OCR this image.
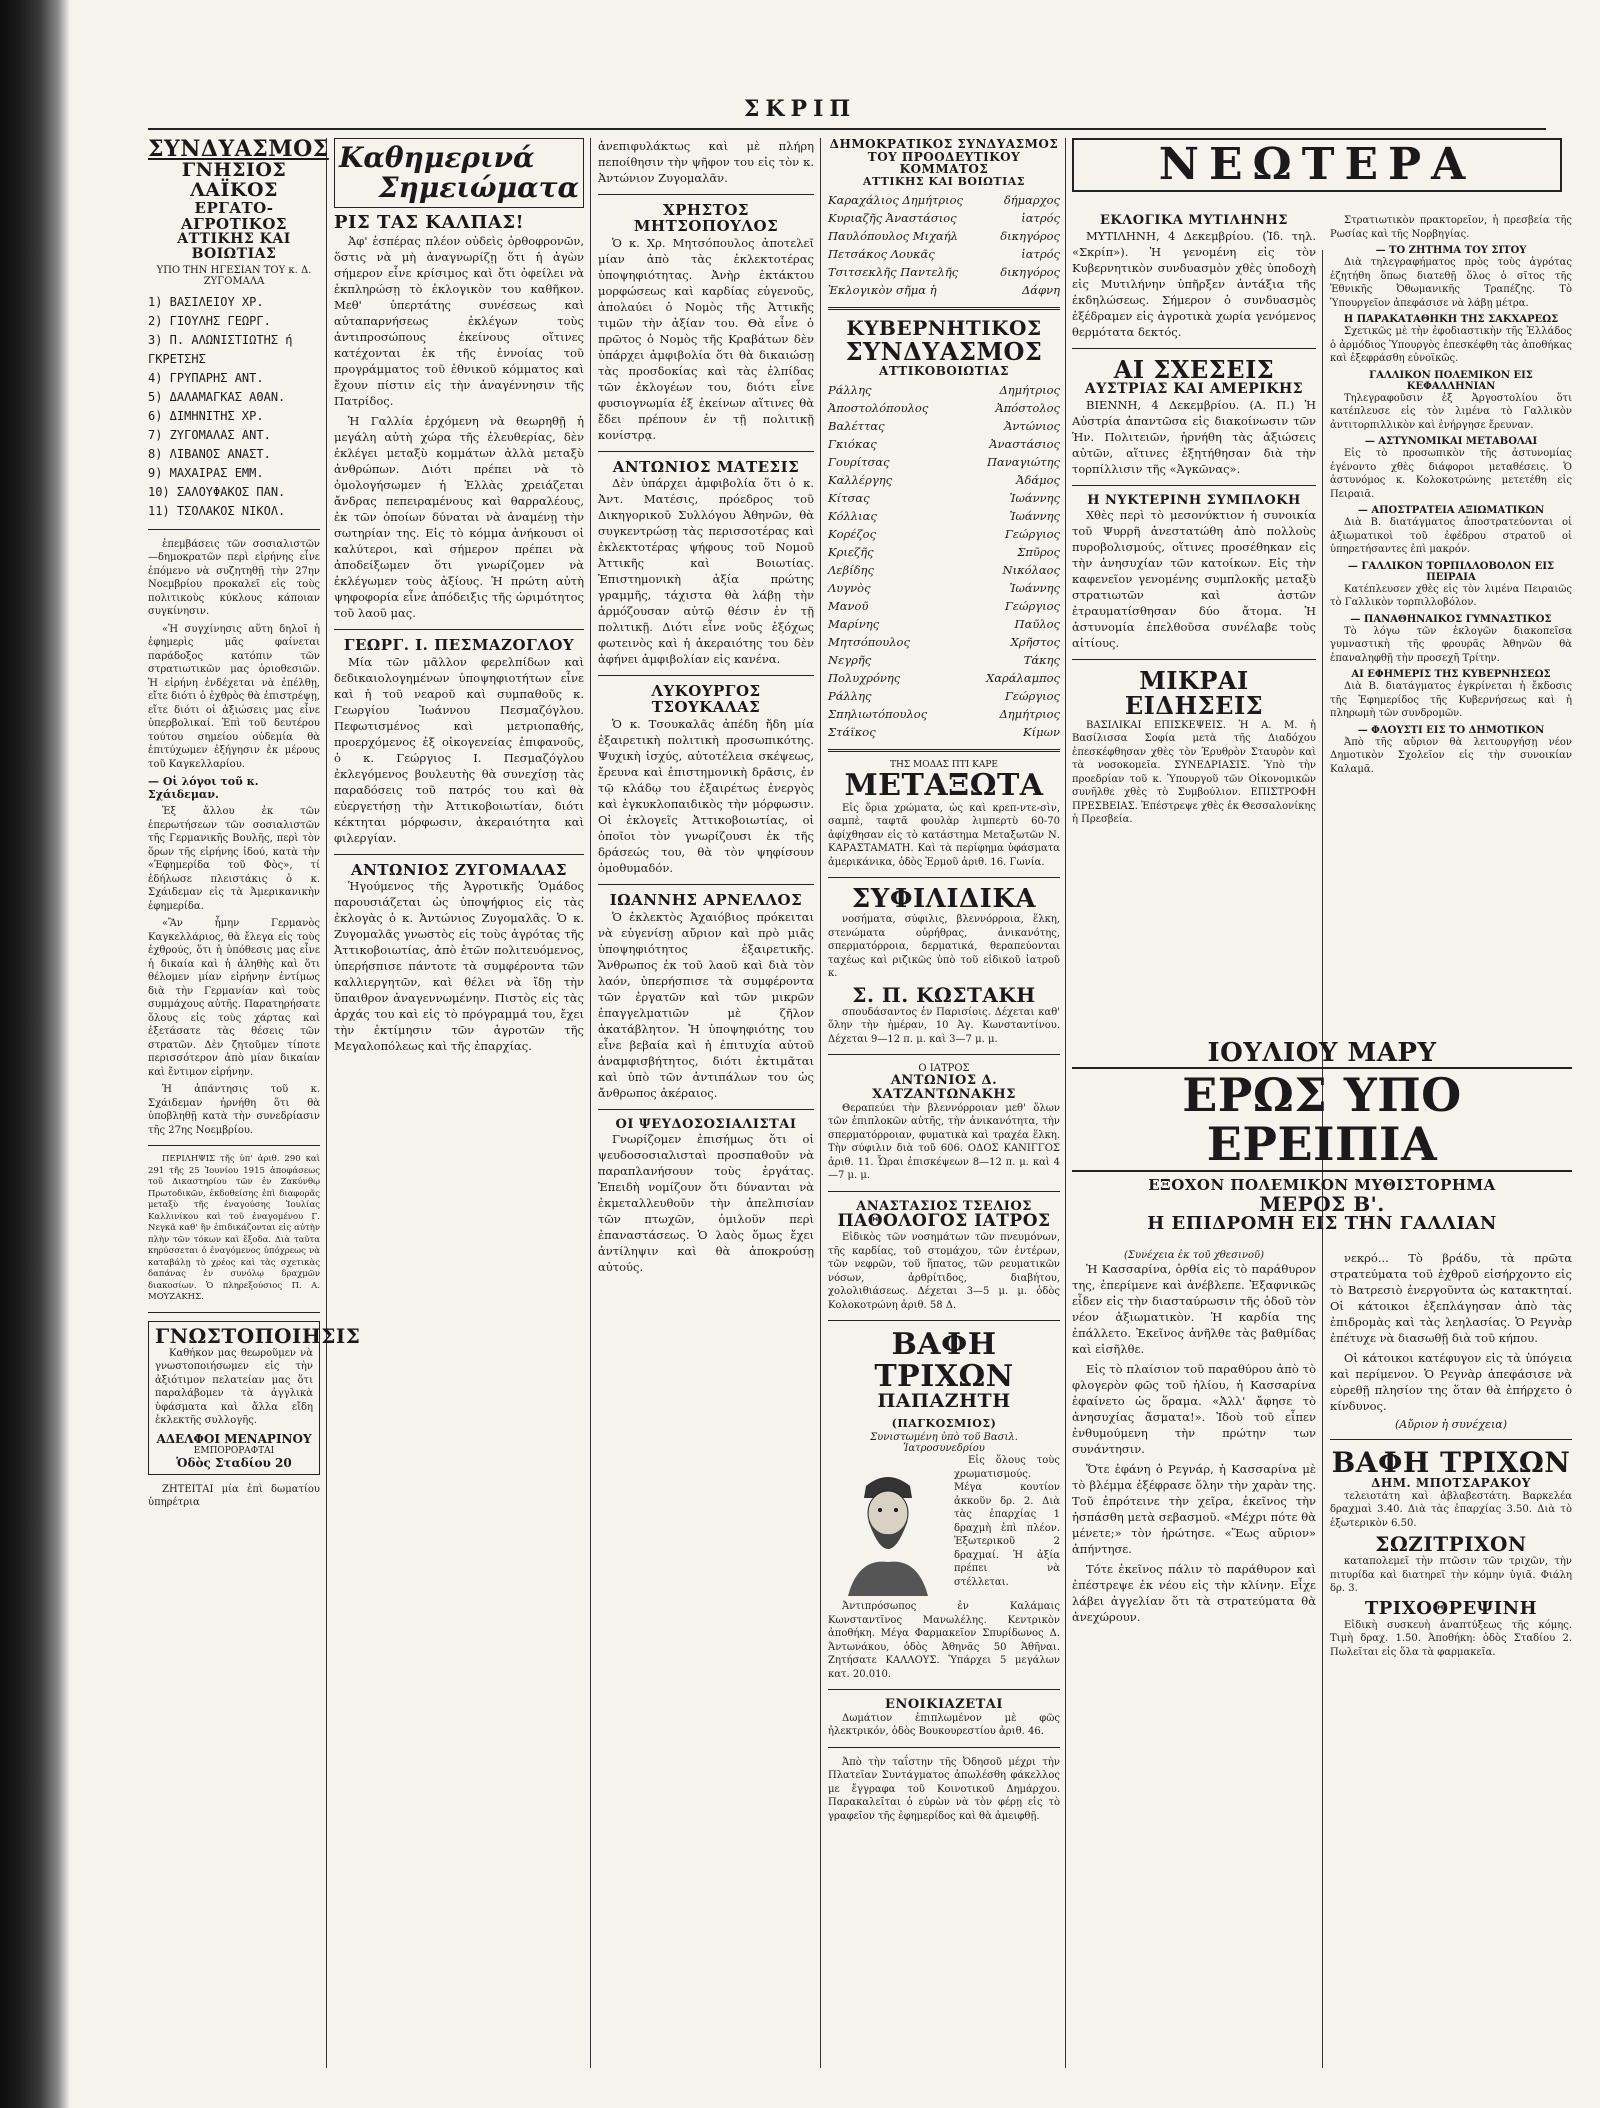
ΣΚΡΙΠ
ΣΥΝΔΥΑΣΜΟΣ
ΓΝΗΣΙΟΣ ΛΑΪΚΟΣ
ΕΡΓΑΤΟ-ΑΓΡΟΤΙΚΟΣ
ΑΤΤΙΚΗΣ ΚΑΙ ΒΟΙΩΤΙΑΣ
ΥΠΟ ΤΗΝ ΗΓΕΣΙΑΝ ΤΟΥ κ. Δ. ΖΥΓΟΜΑΛΑ
1) ΒΑΣΙΛΕΙΟΥ ΧΡ.
2) ΓΙΟΥΛΗΣ ΓΕΩΡΓ.
3) Π. ΑΛΩΝΙΣΤΙΩΤΗΣ ή ΓΚΡΕΤΣΗΣ
4) ΓΡΥΠΑΡΗΣ ΑΝΤ.
5) ΔΑΛΑΜΑΓΚΑΣ ΑΘΑΝ.
6) ΔΙΜΗΝΙΤΗΣ ΧΡ.
7) ΖΥΓΟΜΑΛΑΣ ΑΝΤ.
8) ΛΙΒΑΝΟΣ ΑΝΑΣΤ.
9) ΜΑΧΑΙΡΑΣ ΕΜΜ.
10) ΣΑΛΟΥΦΑΚΟΣ ΠΑΝ.
11) ΤΣΟΛΑΚΟΣ ΝΙΚΟΛ.
ἐπεμβάσεις τῶν σοσιαλιστῶν—δημοκρατῶν περὶ εἰρήνης εἶνε ἐπόμενο νὰ συζητηθῇ τὴν 27ην Νοεμβρίου προκαλεῖ εἰς τοὺς πολιτικοὺς κύκλους κάποιαν συγκίνησιν.
«Ἡ συγχίνησις αὕτη δηλοῖ ἡ ἐφημερὶς μᾶς φαίνεται παράδοξος κατόπιν τῶν στρατιωτικῶν μας ὁριοθεσιῶν. Ἡ εἰρήνη ἐνδέχεται νὰ ἐπέλθῃ, εἴτε διότι ὁ ἐχθρὸς θὰ ἐπιστρέψῃ, εἴτε διότι οἱ ἀξιώσεις μας εἶνε ὑπερβολικαί. Ἐπὶ τοῦ δευτέρου τούτου σημείου οὐδεμία θὰ ἐπιτύχωμεν ἐξήγησιν ἐκ μέρους τοῦ Καγκελλαρίου.
— Οἱ λόγοι τοῦ κ. Σχάιδεμαν.
Ἐξ ἄλλου ἐκ τῶν ἐπερωτήσεων τῶν σοσιαλιστῶν τῆς Γερμανικῆς Βουλῆς, περὶ τὸν ὅρων τῆς εἰρήνης ἰδού, κατὰ τὴν «Ἐφημερίδα τοῦ Φὸς», τί ἐδήλωσε πλειστάκις ὁ κ. Σχάιδεμαν εἰς τὰ Ἀμερικανικὴν ἐφημερίδα.
«Ἂν ἦμην Γερμανὸς Καγκελλάριος, θὰ ἔλεγα εἰς τοὺς ἐχθρούς, ὅτι ἡ ὑπόθεσις μας εἶνε ἡ δικαία καὶ ἡ ἀληθὴς καὶ ὅτι θέλομεν μίαν εἰρήνην ἐντίμως διὰ τὴν Γερμανίαν καὶ τοὺς συμμάχους αὐτῆς. Παρατηρήσατε ὅλους εἰς τοὺς χάρτας καὶ ἐξετάσατε τὰς θέσεις τῶν στρατῶν. Δὲν ζητοῦμεν τίποτε περισσότερον ἀπὸ μίαν δικαίαν καὶ ἔντιμον εἰρήνην.
Ἡ ἀπάντησις τοῦ κ. Σχάιδεμαν ἠρνήθη ὅτι θὰ ὑποβληθῇ κατὰ τὴν συνεδρίασιν τῆς 27ης Νοεμβρίου.
ΠΕΡΙΛΗΨΙΣ τῆς ὑπ' ἀριθ. 290 καὶ 291 τῆς 25 Ἰουνίου 1915 ἀποφάσεως τοῦ Δικαστηρίου τῶν ἐν Ζακύνθῳ Πρωτοδικῶν, ἐκδοθείσης ἐπὶ διαφορᾶς μεταξὺ τῆς ἐναγούσης Ἰουλίας Καλλινίκου καὶ τοῦ ἐναγομένου Γ. Νεγκᾶ καθ' ἣν ἐπιδικάζονται εἰς αὐτὴν πλὴν τῶν τόκων καὶ ἔξοδα. Διὰ ταῦτα κηρύσσεται ὁ ἐναγόμενος ὑπόχρεως νὰ καταβάλῃ τὸ χρέος καὶ τὰς σχετικὰς δαπάνας ἐν συνόλῳ δραχμῶν διακοσίων. Ὁ πληρεξούσιος Π. Α. ΜΟΥΖΑΚΗΣ.
ΓΝΩΣΤΟΠΟΙΗΣΙΣ
Καθήκον μας θεωροῦμεν νὰ γνωστοποιήσωμεν εἰς τὴν ἀξιότιμον πελατείαν μας ὅτι παραλάβομεν τὰ ἀγγλικὰ ὑφάσματα καὶ ἄλλα εἴδη ἐκλεκτῆς συλλογῆς.
ΑΔΕΛΦΟΙ ΜΕΝΑΡΙΝΟΥ
ΕΜΠΟΡΟΡΑΦΤΑΙ
Ὁδὸς Σταδίου 20
ΖΗΤΕΙΤΑΙ μία ἐπὶ δωματίου ὑπηρέτρια
Καθημερινά
Σημειώματα
ΡΙΣ ΤΑΣ ΚΑΛΠΑΣ!
Ἀφ' ἑσπέρας πλέον οὐδεὶς ὀρθοφρονῶν, ὅστις νὰ μὴ ἀναγνωρίζῃ ὅτι ἡ ἀγὼν σήμερον εἶνε κρίσιμος καὶ ὅτι ὀφείλει νὰ ἐκπληρώσῃ τὸ ἐκλογικὸν του καθῆκον. Μεθ' ὑπερτάτης συνέσεως καὶ αὐταπαρνήσεως ἐκλέγων τοὺς ἀντιπροσώπους ἐκείνους οἵτινες κατέχονται ἐκ τῆς ἐννοίας τοῦ προγράμματος τοῦ ἐθνικοῦ κόμματος καὶ ἔχουν πίστιν εἰς τὴν ἀναγέννησιν τῆς Πατρίδος.
Ἡ Γαλλία ἐρχόμενη νὰ θεωρηθῇ ἡ μεγάλη αὐτὴ χώρα τῆς ἐλευθερίας, δὲν ἐκλέγει μεταξὺ κομμάτων ἀλλὰ μεταξὺ ἀνθρώπων. Διότι πρέπει νὰ τὸ ὁμολογήσωμεν ἡ Ἑλλὰς χρειάζεται ἄνδρας πεπειραμένους καὶ θαρραλέους, ἐκ τῶν ὁποίων δύναται νὰ ἀναμένῃ τὴν σωτηρίαν της. Εἰς τὸ κόμμα ἀνήκουσι οἱ καλύτεροι, καὶ σήμερον πρέπει νὰ ἀποδείξωμεν ὅτι γνωρίζομεν νὰ ἐκλέγωμεν τοὺς ἀξίους. Ἡ πρώτη αὐτὴ ψηφοφορία εἶνε ἀπόδειξις τῆς ὠριμότητος τοῦ λαοῦ μας.
ΓΕΩΡΓ. Ι. ΠΕΣΜΑΖΟΓΛΟΥ
Μία τῶν μᾶλλον φερελπίδων καὶ δεδικαιολογημένων ὑποψηφιοτήτων εἶνε καὶ ἡ τοῦ νεαροῦ καὶ συμπαθοῦς κ. Γεωργίου Ἰωάννου Πεσμαζόγλου. Πεφωτισμένος καὶ μετριοπαθής, προερχόμενος ἐξ οἰκογενείας ἐπιφανοῦς, ὁ κ. Γεώργιος Ι. Πεσμαζόγλου ἐκλεγόμενος βουλευτὴς θὰ συνεχίσῃ τὰς παραδόσεις τοῦ πατρός του καὶ θὰ εὐεργετήσῃ τὴν Ἀττικοβοιωτίαν, διότι κέκτηται μόρφωσιν, ἀκεραιότητα καὶ φιλεργίαν.
ΑΝΤΩΝΙΟΣ ΖΥΓΟΜΑΛΑΣ
Ἡγούμενος τῆς Ἀγροτικῆς Ὁμάδος παρουσιάζεται ὡς ὑποψήφιος εἰς τὰς ἐκλογὰς ὁ κ. Ἀντώνιος Ζυγομαλᾶς. Ὁ κ. Ζυγομαλᾶς γνωστὸς εἰς τοὺς ἀγρότας τῆς Ἀττικοβοιωτίας, ἀπὸ ἐτῶν πολιτευόμενος, ὑπερήσπισε πάντοτε τὰ συμφέροντα τῶν καλλιεργητῶν, καὶ θέλει νὰ ἴδῃ τὴν ὕπαιθρον ἀναγεννωμένην. Πιστὸς εἰς τὰς ἀρχάς του καὶ εἰς τὸ πρόγραμμά του, ἔχει τὴν ἐκτίμησιν τῶν ἀγροτῶν τῆς Μεγαλοπόλεως καὶ τῆς ἐπαρχίας.
ἀνεπιφυλάκτως καὶ μὲ πλήρη πεποίθησιν τὴν ψῆφον του εἰς τὸν κ. Ἀντώνιον Ζυγομαλᾶν.
ΧΡΗΣΤΟΣ ΜΗΤΣΟΠΟΥΛΟΣ
Ὁ κ. Χρ. Μητσόπουλος ἀποτελεῖ μίαν ἀπὸ τὰς ἐκλεκτοτέρας ὑποψηφιότητας. Ἀνὴρ ἐκτάκτου μορφώσεως καὶ καρδίας εὐγενοῦς, ἀπολαύει ὁ Νομὸς τῆς Ἀττικῆς τιμῶν τὴν ἀξίαν του. Θὰ εἶνε ὁ πρῶτος ὁ Νομὸς τῆς Κραβάτων δὲν ὑπάρχει ἀμφιβολία ὅτι θὰ δικαιώσῃ τὰς προσδοκίας καὶ τὰς ἐλπίδας τῶν ἐκλογέων του, διότι εἶνε φυσιογνωμία ἐξ ἐκείνων αἵτινες θὰ ἔδει πρέπουν ἐν τῇ πολιτικῇ κονίστρᾳ.
ΑΝΤΩΝΙΟΣ ΜΑΤΕΣΙΣ
Δὲν ὑπάρχει ἀμφιβολία ὅτι ὁ κ. Ἀντ. Ματέσις, πρόεδρος τοῦ Δικηγορικοῦ Συλλόγου Ἀθηνῶν, θὰ συγκεντρώσῃ τὰς περισσοτέρας καὶ ἐκλεκτοτέρας ψήφους τοῦ Νομοῦ Ἀττικῆς καὶ Βοιωτίας. Ἐπιστημονικὴ ἀξία πρώτης γραμμῆς, τάχιστα θὰ λάβῃ τὴν ἀρμόζουσαν αὐτῷ θέσιν ἐν τῇ πολιτικῇ. Διότι εἶνε νοῦς ἐξόχως φωτεινὸς καὶ ἡ ἀκεραιότης του δὲν ἀφήνει ἀμφιβολίαν εἰς κανένα.
ΛΥΚΟΥΡΓΟΣ ΤΣΟΥΚΑΛΑΣ
Ὁ κ. Τσουκαλᾶς ἀπέδη ἤδη μία ἐξαιρετικὴ πολιτικὴ προσωπικότης. Ψυχικὴ ἰσχύς, αὐτοτέλεια σκέψεως, ἔρευνα καὶ ἐπιστημονικὴ δρᾶσις, ἐν τῷ κλάδῳ του ἐξαιρέτως ἐνεργὸς καὶ ἐγκυκλοπαιδικὸς τὴν μόρφωσιν. Οἱ ἐκλογεῖς Ἀττικοβοιωτίας, οἱ ὁποῖοι τὸν γνωρίζουσι ἐκ τῆς δράσεώς του, θὰ τὸν ψηφίσουν ὁμοθυμαδόν.
ΙΩΑΝΝΗΣ ΑΡΝΕΛΛΟΣ
Ὁ ἐκλεκτὸς Ἀχαιόβιος πρόκειται νὰ εὐγενίσῃ αὔριον καὶ πρὸ μιᾶς ὑποψηφιότητος ἐξαιρετικῆς. Ἄνθρωπος ἐκ τοῦ λαοῦ καὶ διὰ τὸν λαόν, ὑπερήσπισε τὰ συμφέροντα τῶν ἐργατῶν καὶ τῶν μικρῶν ἐπαγγελματιῶν μὲ ζῆλον ἀκατάβλητον. Ἡ ὑποψηφιότης του εἶνε βεβαία καὶ ἡ ἐπιτυχία αὐτοῦ ἀναμφισβήτητος, διότι ἐκτιμᾶται καὶ ὑπὸ τῶν ἀντιπάλων του ὡς ἄνθρωπος ἀκέραιος.
ΟΙ ΨΕΥΔΟΣΟΣΙΑΛΙΣΤΑΙ
Γνωρίζομεν ἐπισήμως ὅτι οἱ ψευδοσοσιαλισταὶ προσπαθοῦν νὰ παραπλανήσουν τοὺς ἐργάτας. Ἐπειδὴ νομίζουν ὅτι δύνανται νὰ ἐκμεταλλευθοῦν τὴν ἀπελπισίαν τῶν πτωχῶν, ὁμιλοῦν περὶ ἐπαναστάσεως. Ὁ λαὸς ὅμως ἔχει ἀντίληψιν καὶ θὰ ἀποκρούσῃ αὐτούς.
ΔΗΜΟΚΡΑΤΙΚΟΣ ΣΥΝΔΥΑΣΜΟΣ
ΤΟΥ ΠΡΟΟΔΕΥΤΙΚΟΥ ΚΟΜΜΑΤΟΣ
ΑΤΤΙΚΗΣ ΚΑΙ ΒΟΙΩΤΙΑΣ
Καραχάλιος Δημήτριος	δήμαρχος
Κυριαζῆς Ἀναστάσιος	ἰατρός
Παυλόπουλος Μιχαήλ	δικηγόρος
Πετσάκος Λουκᾶς	ἰατρός
Τσιτσεκλῆς Παντελῆς	δικηγόρος
Ἐκλογικὸν σῆμα ἡ	Δάφνη
ΚΥΒΕΡΝΗΤΙΚΟΣ
ΣΥΝΔΥΑΣΜΟΣ
ΑΤΤΙΚΟΒΟΙΩΤΙΑΣ
Ράλλης	Δημήτριος
Ἀποστολόπουλος	Ἀπόστολος
Βαλέττας	Ἀντώνιος
Γκιόκας	Ἀναστάσιος
Γουρίτσας	Παναγιώτης
Καλλέργης	Ἀδάμος
Κίτσας	Ἰωάννης
Κόλλιας	Ἰωάννης
Κορέζος	Γεώργιος
Κριεζῆς	Σπῦρος
Λεβίδης	Νικόλαος
Λυγνὸς	Ἰωάννης
Μανοῦ	Γεώργιος
Μαρίνης	Παῦλος
Μητσόπουλος	Χρῆστος
Νεγρῆς	Τάκης
Πολυχρόνης	Χαράλαμπος
Ράλλης	Γεώργιος
Σπηλιωτόπουλος	Δημήτριος
Στάϊκος	Κίμων
ΤΗΣ ΜΟΔΑΣ ΠΤΙ ΚΑΡΕ
ΜΕΤΑΞΩΤΑ
Εἰς ὅρια χρώματα, ὡς καὶ κρεπ-ντε-σὶν, σαμπὲ, ταφτᾶ φουλὰρ λιμπερτὺ 60-70 ἀφίχθησαν εἰς τὸ κατάστημα Μεταξωτῶν Ν. ΚΑΡΑΣΤΑΜΑΤΗ. Καὶ τὰ περίφημα ὑφάσματα ἀμερικάνικα, ὁδὸς Ἑρμοῦ ἀριθ. 16. Γωνία.
ΣΥΦΙΛΙΔΙΚΑ
νοσήματα, σύφιλις, βλεννόρροια, ἕλκη, στενώματα οὐρήθρας, ἀνικανότης, σπερματόρροια, δερματικά, θεραπεύονται ταχέως καὶ ριζικῶς ὑπὸ τοῦ εἰδικοῦ ἰατροῦ κ.
Σ. Π. ΚΩΣΤΑΚΗ
σπουδάσαντος ἐν Παρισίοις. Δέχεται καθ' ὅλην τὴν ἡμέραν, 10 Ἀγ. Κωνσταντίνου. Δέχεται 9—12 π. μ. καὶ 3—7 μ. μ.
Ο ΙΑΤΡΟΣ
ΑΝΤΩΝΙΟΣ Δ. ΧΑΤΖΑΝΤΩΝΑΚΗΣ
Θεραπεύει τὴν βλεννόρροιαν μεθ' ὅλων τῶν ἐπιπλοκῶν αὐτῆς, τὴν ἀνικανότητα, τὴν σπερματόρροιαν, φυματικὰ καὶ τραχέα ἕλκη. Τὴν σύφιλιν διὰ τοῦ 606. ΟΔΟΣ ΚΑΝΙΓΓΟΣ ἀριθ. 11. Ὧραι ἐπισκέψεων 8—12 π. μ. καὶ 4—7 μ. μ.
ΑΝΑΣΤΑΣΙΟΣ ΤΣΕΛΙΟΣ
ΠΑΘΟΛΟΓΟΣ ΙΑΤΡΟΣ
Εἰδικὸς τῶν νοσημάτων τῶν πνευμόνων, τῆς καρδίας, τοῦ στομάχου, τῶν ἐντέρων, τῶν νεφρῶν, τοῦ ἥπατος, τῶν ρευματικῶν νόσων, ἀρθρίτιδος, διαβήτου, χολολιθιάσεως. Δέχεται 3—5 μ. μ. ὁδὸς Κολοκοτρώνη ἀριθ. 58 Δ.
ΒΑΦΗ ΤΡΙΧΩΝ
ΠΑΠΑΖΗΤΗ (ΠΑΓΚΟΣΜΙΟΣ)
Συνιστωμένη ὑπὸ τοῦ Βασιλ. Ἰατροσυνεδρίου
Εἰς ὅλους τοὺς χρωματισμούς. Μέγα κουτίον ἀκκοῦν δρ. 2. Διὰ τὰς ἐπαρχίας 1 δραχμὴ ἐπὶ πλέον. Ἐξωτερικοῦ 2 δραχμαί. Ἡ ἀξία πρέπει νὰ στέλλεται.
Ἀντιπρόσωπος ἐν Καλάμαις Κωνσταντῖνος Μανωλέλης. Κεντρικὸν ἀποθήκη. Μέγα Φαρμακεῖον Σπυρίδωνος Δ. Ἀντωνάκου, ὁδὸς Ἀθηνᾶς 50 Ἀθῆναι. Ζητήσατε ΚΑΛΛΟΥΣ. Ὑπάρχει 5 μεγάλων κατ. 20.010.
ΕΝΟΙΚΙΑΖΕΤΑΙ
Δωμάτιον ἐπιπλωμένον μὲ φῶς ἠλεκτρικόν, ὁδὸς Βουκουρεστίου ἀριθ. 46.
Ἀπὸ τὴν ταΐστην τῆς Ὀδησοῦ μέχρι τὴν Πλατεῖαν Συντάγματος ἀπωλέσθη φάκελλος με ἔγγραφα τοῦ Κοινοτικοῦ Δημάρχου. Παρακαλεῖται ὁ εὑρὼν νὰ τὸν φέρῃ εἰς τὸ γραφεῖον τῆς ἐφημερίδος καὶ θὰ ἀμειφθῇ.
ΝΕΩΤΕΡΑ
ΕΚΛΟΓΙΚΑ ΜΥΤΙΛΗΝΗΣ
ΜΥΤΙΛΗΝΗ, 4 Δεκεμβρίου. (Ἰδ. τηλ. «Σκρίπ»). Ἡ γενομένη εἰς τὸν Κυβερνητικὸν συνδυασμὸν χθὲς ὑποδοχὴ εἰς Μυτιλήνην ὑπῆρξεν ἀντάξια τῆς ἐκδηλώσεως. Σήμερον ὁ συνδυασμὸς ἐξέδραμεν εἰς ἀγροτικὰ χωρία γενόμενος θερμότατα δεκτός.
ΑΙ ΣΧΕΣΕΙΣ
ΑΥΣΤΡΙΑΣ ΚΑΙ ΑΜΕΡΙΚΗΣ
ΒΙΕΝΝΗ, 4 Δεκεμβρίου. (Α. Π.) Ἡ Αὐστρία ἀπαντῶσα εἰς διακοίνωσιν τῶν Ἡν. Πολιτειῶν, ἠρνήθη τὰς ἀξιώσεις αὐτῶν, αἵτινες ἐξητήθησαν διὰ τὴν τορπίλλισιν τῆς «Ἀγκῶνας».
Η ΝΥΚΤΕΡΙΝΗ ΣΥΜΠΛΟΚΗ
Χθὲς περὶ τὸ μεσονύκτιον ἡ συνοικία τοῦ Ψυρρῆ ἀνεστατώθη ἀπὸ πολλοὺς πυροβολισμούς, οἵτινες προσέθηκαν εἰς τὴν ἀνησυχίαν τῶν κατοίκων. Εἰς τὴν καφενεῖον γενομένης συμπλοκῆς μεταξὺ στρατιωτῶν καὶ ἀστῶν ἐτραυματίσθησαν δύο ἄτομα. Ἡ ἀστυνομία ἐπελθοῦσα συνέλαβε τοὺς αἰτίους.
ΜΙΚΡΑΙ ΕΙΔΗΣΕΙΣ
ΒΑΣΙΛΙΚΑΙ ΕΠΙΣΚΕΨΕΙΣ. Ἡ Α. Μ. ἡ Βασίλισσα Σοφία μετὰ τῆς Διαδόχου ἐπεσκέφθησαν χθὲς τὸν Ἐρυθρὸν Σταυρὸν καὶ τὰ νοσοκομεῖα. ΣΥΝΕΔΡΙΑΣΙΣ. Ὑπὸ τὴν προεδρίαν τοῦ κ. Ὑπουργοῦ τῶν Οἰκονομικῶν συνῆλθε χθὲς τὸ Συμβούλιον. ΕΠΙΣΤΡΟΦΗ ΠΡΕΣΒΕΙΑΣ. Ἐπέστρεψε χθὲς ἐκ Θεσσαλονίκης ἡ Πρεσβεία.
Στρατιωτικὸν πρακτορεῖον, ἡ πρεσβεία τῆς Ρωσίας καὶ τῆς Νορβηγίας.
— ΤΟ ΖΗΤΗΜΑ ΤΟΥ ΣΙΤΟΥ
Διὰ τηλεγραφήματος πρὸς τοὺς ἀγρότας ἐζητήθη ὅπως διατεθῇ ὅλος ὁ σῖτος τῆς Ἐθνικῆς Ὀθωμανικῆς Τραπέζης. Τὸ Ὑπουργεῖον ἀπεφάσισε νὰ λάβῃ μέτρα.
Η ΠΑΡΑΚΑΤΑΘΗΚΗ ΤΗΣ ΣΑΚΧΑΡΕΩΣ
Σχετικῶς μὲ τὴν ἐφοδιαστικὴν τῆς Ἑλλάδος ὁ ἀρμόδιος Ὑπουργὸς ἐπεσκέφθη τὰς ἀποθήκας καὶ ἐξεφράσθη εὐνοϊκῶς.
ΓΑΛΛΙΚΟΝ ΠΟΛΕΜΙΚΟΝ ΕΙΣ ΚΕΦΑΛΛΗΝΙΑΝ
Τηλεγραφοῦσιν ἐξ Ἀργοστολίου ὅτι κατέπλευσε εἰς τὸν λιμένα τὸ Γαλλικὸν ἀντιτορπιλλικὸν καὶ ἐνήργησε ἔρευναν.
— ΑΣΤΥΝΟΜΙΚΑΙ ΜΕΤΑΒΟΛΑΙ
Εἰς τὸ προσωπικὸν τῆς ἀστυνομίας ἐγένοντο χθὲς διάφοροι μεταθέσεις. Ὁ ἀστυνόμος κ. Κολοκοτρώνης μετετέθη εἰς Πειραιᾶ.
— ΑΠΟΣΤΡΑΤΕΙΑ ΑΞΙΩΜΑΤΙΚΩΝ
Διὰ Β. διατάγματος ἀποστρατεύονται οἱ ἀξιωματικοὶ τοῦ ἐφέδρου στρατοῦ οἱ ὑπηρετήσαντες ἐπὶ μακρόν.
— ΓΑΛΛΙΚΟΝ ΤΟΡΠΙΛΛΟΒΟΛΟΝ ΕΙΣ ΠΕΙΡΑΙΑ
Κατέπλευσεν χθὲς εἰς τὸν λιμένα Πειραιῶς τὸ Γαλλικὸν τορπιλλοβόλον.
— ΠΑΝΑΘΗΝΑΙΚΟΣ ΓΥΜΝΑΣΤΙΚΟΣ
Τὸ λόγω τῶν ἐκλογῶν διακοπεῖσα γυμναστικὴ τῆς φρουρᾶς Ἀθηνῶν θὰ ἐπαναληφθῇ τὴν προσεχῆ Τρίτην.
ΑΙ ΕΦΗΜΕΡΙΣ ΤΗΣ ΚΥΒΕΡΝΗΣΕΩΣ
Διὰ Β. διατάγματος ἐγκρίνεται ἡ ἔκδοσις τῆς Ἐφημερίδος τῆς Κυβερνήσεως καὶ ἡ πληρωμὴ τῶν συνδρομῶν.
— ΦΛΟΥΣΤΙ ΕΙΣ ΤΟ ΔΗΜΟΤΙΚΟΝ
Ἀπὸ τῆς αὔριον θὰ λειτουργήσῃ νέον Δημοτικὸν Σχολεῖον εἰς τὴν συνοικίαν Καλαμᾶ.
ΙΟΥΛΙΟΥ ΜΑΡΥ
ΕΡΩΣ ΥΠΟ ΕΡΕΙΠΙΑ
ΕΞΟΧΟΝ ΠΟΛΕΜΙΚΟΝ ΜΥΘΙΣΤΟΡΗΜΑ
ΜΕΡΟΣ Β'.
Η ΕΠΙΔΡΟΜΗ ΕΙΣ ΤΗΝ ΓΑΛΛΙΑΝ
(Συνέχεια ἐκ τοῦ χθεσινοῦ)
Ἡ Κασσαρίνα, ὀρθία εἰς τὸ παράθυρον της, ἐπερίμενε καὶ ἀνέβλεπε. Ἐξαφνικῶς εἶδεν εἰς τὴν διασταύρωσιν τῆς ὁδοῦ τὸν νέον ἀξιωματικὸν. Ἡ καρδία της ἐπάλλετο. Ἐκεῖνος ἀνῆλθε τὰς βαθμίδας καὶ εἰσῆλθε.
Εἰς τὸ πλαίσιον τοῦ παραθύρου ἀπὸ τὸ φλογερὸν φῶς τοῦ ἡλίου, ἡ Κασσαρίνα ἐφαίνετο ὡς ὅραμα. «Ἀλλ' ἄφησε τὸ ἀνησυχίας ἄσματα!». Ἰδοὺ τοῦ εἶπεν ἐνθυμούμενη τὴν πρώτην των συνάντησιν.
Ὅτε ἐφάνη ὁ Ρεγνάρ, ἡ Κασσαρίνα μὲ τὸ βλέμμα ἐξέφρασε ὅλην τὴν χαρὰν της. Τοῦ ἐπρότεινε τὴν χεῖρα, ἐκεῖνος τὴν ἠσπάσθη μετὰ σεβασμοῦ. «Μέχρι πότε θὰ μένετε;» τὸν ἠρώτησε. «Ἕως αὔριον» ἀπήντησε.
Τότε ἐκεῖνος πάλιν τὸ παράθυρον καὶ ἐπέστρεψε ἐκ νέου εἰς τὴν κλίνην. Εἶχε λάβει ἀγγελίαν ὅτι τὰ στρατεύματα θὰ ἀνεχώρουν.
νεκρό... Τὸ βράδυ, τὰ πρῶτα στρατεύματα τοῦ ἐχθροῦ εἰσήρχοντο εἰς τὸ Βατρεσιὸ ἐνεργοῦντα ὡς κατακτηταί. Οἱ κάτοικοι ἐξεπλάγησαν ἀπὸ τὰς ἐπιδρομὰς καὶ τὰς λεηλασίας. Ὁ Ρεγνὰρ ἐπέτυχε νὰ διασωθῇ διὰ τοῦ κήπου.
Οἱ κάτοικοι κατέφυγον εἰς τὰ ὑπόγεια καὶ περίμενον. Ὁ Ρεγνὰρ ἀπεφάσισε νὰ εὐρεθῇ πλησίον της ὅταν θὰ ἐπήρχετο ὁ κίνδυνος.
(Αὔριον ἡ συνέχεια)
ΒΑΦΗ ΤΡΙΧΩΝ
ΔΗΜ. ΜΠΟΤΣΑΡΑΚΟΥ
τελειοτάτη καὶ ἀβλαβεστάτη. Βαρκελέα δραχμαὶ 3.40. Διὰ τὰς ἐπαρχίας 3.50. Διὰ τὸ ἐξωτερικὸν 6.50.
ΣΩΖΙΤΡΙΧΟΝ
καταπολεμεῖ τὴν πτῶσιν τῶν τριχῶν, τὴν πιτυρίδα καὶ διατηρεῖ τὴν κόμην ὑγιᾶ. Φιάλη δρ. 3.
ΤΡΙΧΟΘΡΕΨΙΝΗ
Εἰδικὴ συσκευὴ ἀναπτύξεως τῆς κόμης. Τιμὴ δραχ. 1.50. Ἀποθήκη: ὁδὸς Σταδίου 2. Πωλεῖται εἰς ὅλα τὰ φαρμακεῖα.
